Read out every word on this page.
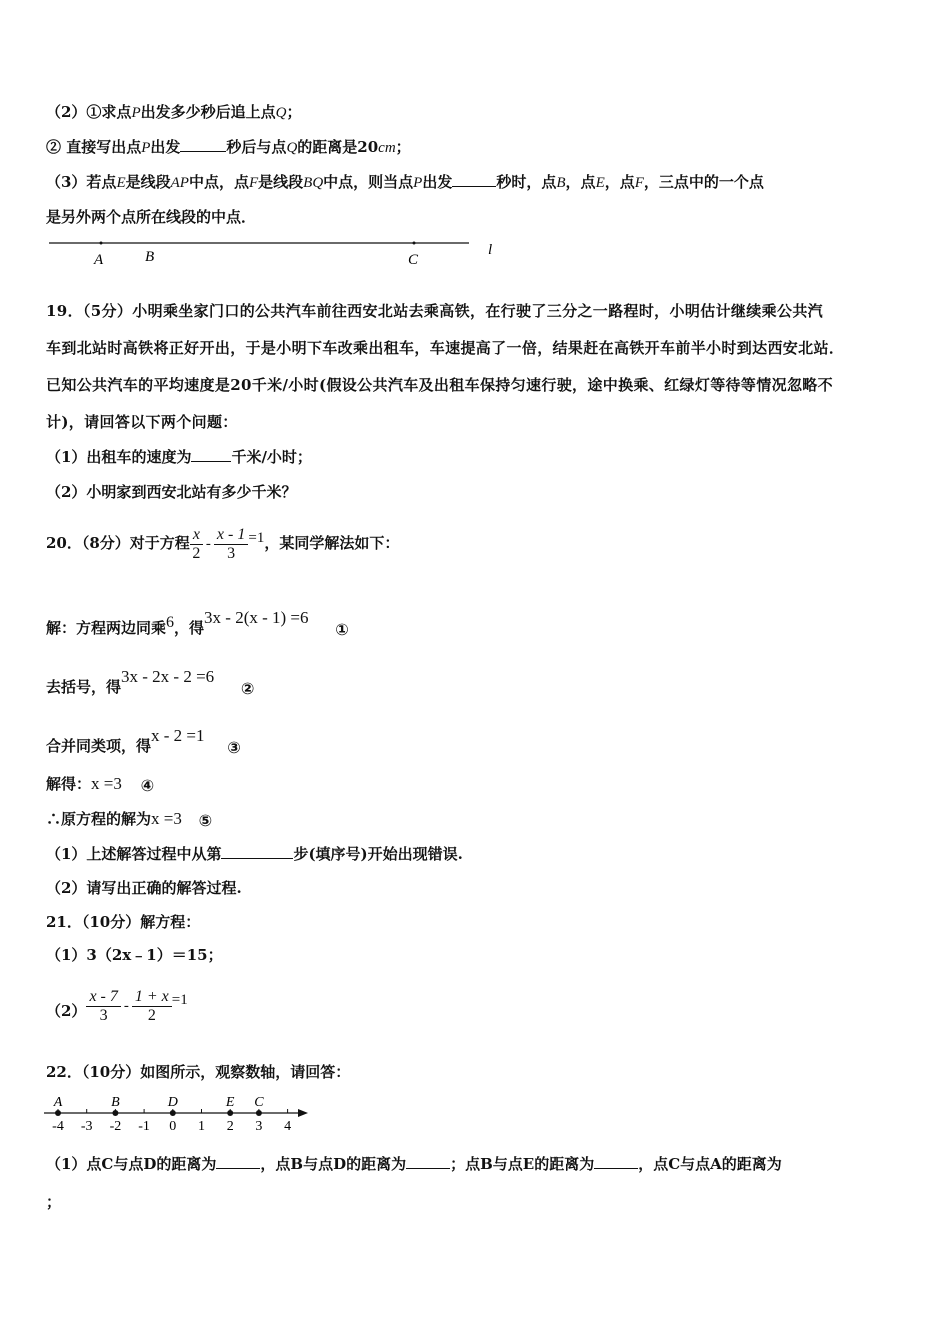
（2）①求点P出发多少秒后追上点Q；
② 直接写出点P出发	秒后与点Q的距离是20cm；
（3）若点E是线段AP中点，点F是线段BQ中点，则当点P出发	秒时，点B，点E，点F，三点中的一个点
是另外两个点所在线段的中点．
A	B	C
l
19．（5分）小明乘坐家门口的公共汽车前往西安北站去乘高铁，在行驶了三分之一路程时，小明估计继续乘公共汽
车到北站时高铁将正好开出，于是小明下车改乘出租车，车速提高了一倍，结果赶在高铁开车前半小时到达西安北站．
已知公共汽车的平均速度是20千米/小时(假设公共汽车及出租车保持匀速行驶，途中换乘、红绿灯等待等情况忽略不
计)，请回答以下两个问题：
（1）出租车的速度为	千米/小时；
（2）小明家到西安北站有多少千米？
20．（8分）对于方程 $\frac{x}{2} - \frac{x - 1}{3} =1$，某同学解法如下：
解：方程两边同乘6，得3x - 2(x - 1) =6①
去括号，得3x - 2x - 2 =6②
合并同类项，得x - 2 =1③
解得：x =3 ④
∴原方程的解为x =3 ⑤
（1）上述解答过程中从第	步(填序号)开始出现错误.
（2）请写出正确的解答过程.
21．（10分）解方程：
（1）3（2x﹣1）＝15；
$(2) \frac{x - 7}{3} - \frac{1 + x}{2} =1$
22．（10分）如图所示，观察数轴，请回答：
-4 -3 -2 -1 0 1 2 3 4
A	B	D	E C
（1）点C与点D的距离为	，点B与点D的距离为	；点B与点E的距离为	，点C与点A的距离为
；
